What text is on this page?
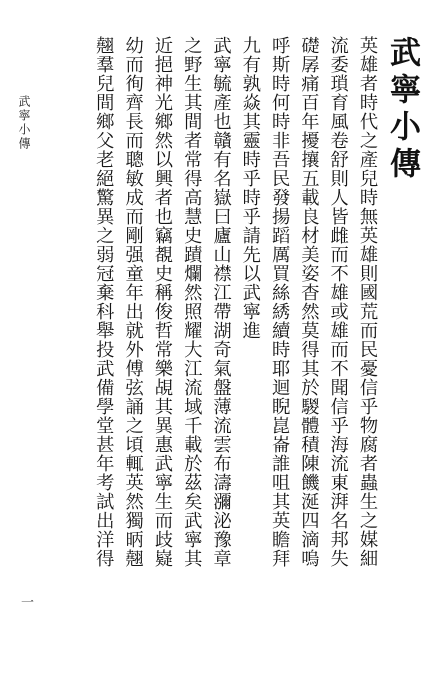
武寧小傳
英雄者時代之產兒時無英雄則國荒而民憂信乎物腐者蟲生之媒細
流委瑣育風卷舒則人皆雌而不雄或雄而不聞信乎海流東湃名邦失
礎孱痛百年擾攘五載良材美姿杳然莫得其於騣體積陳饑涎四滴嗚
呼斯時何時非吾民發揚蹈厲買絲綉續時耶迴睨崑崙誰咀其英瞻拜
九有孰焱其靈時乎時乎請先以武寧進
武寧毓產也贛有名嶽曰廬山襟江帶湖奇氣盤薄流雲布濤瀰泌豫章
之野生其間者常得高慧史蹟爛然照耀大江流域千載於茲矣武寧其
近挹神光鄉然以興者也竊覩史稱俊哲常樂覘其異惠武寧生而歧嶷
幼而徇齊長而聰敏成而剛强童年出就外傅弦誦之頃輒英然獨昞翹
翹羣兒間鄉父老絕驚異之弱冠棄科舉投武備學堂甚年考試出洋得
武寧小傳
一
